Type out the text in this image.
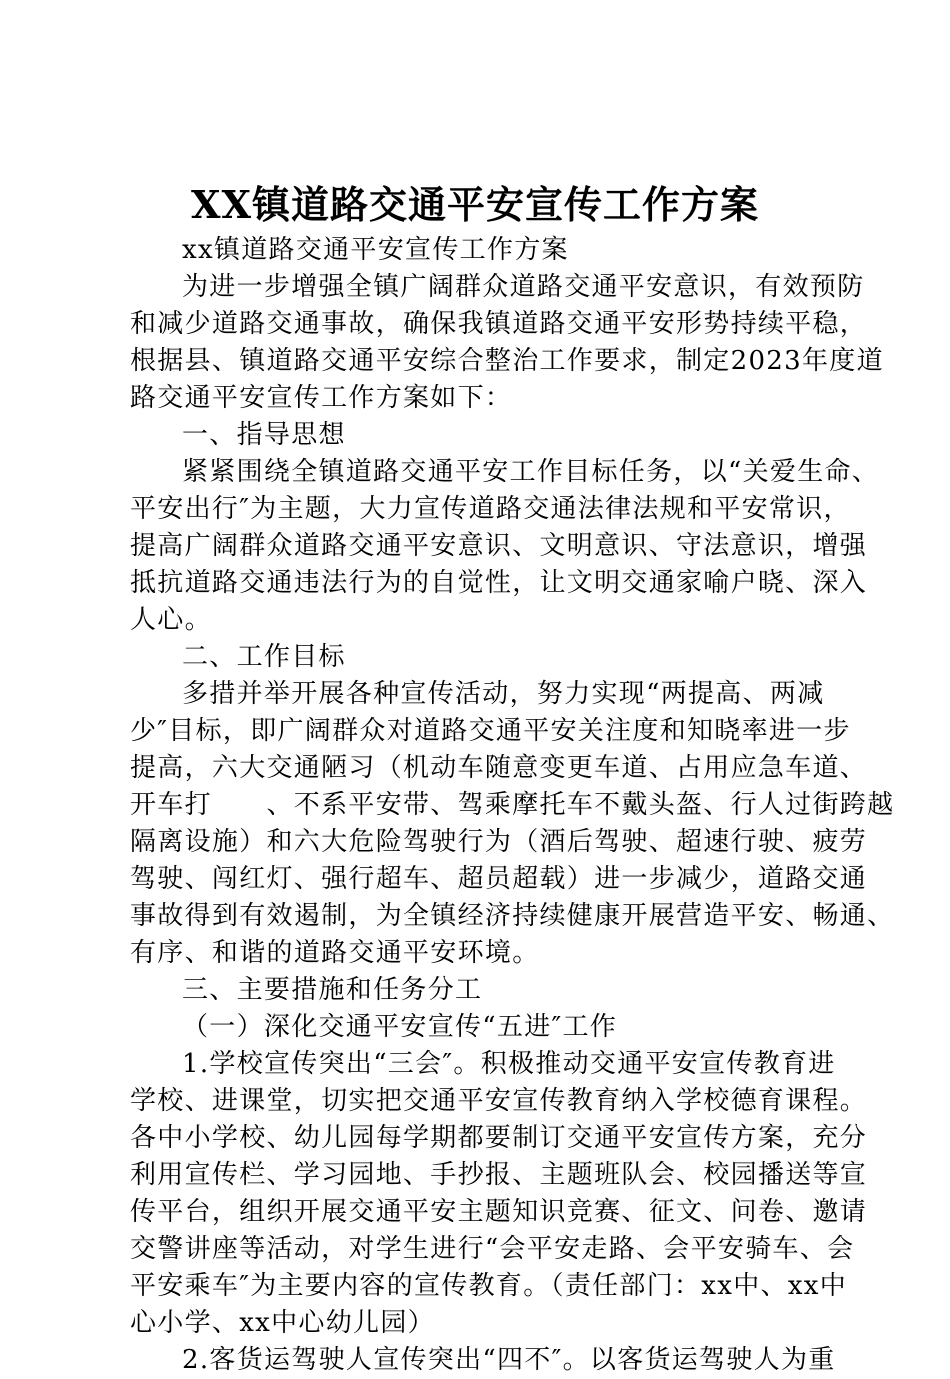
XX镇道路交通平安宣传工作方案
xx镇道路交通平安宣传工作方案
为进一步增强全镇广阔群众道路交通平安意识，有效预防
和减少道路交通事故，确保我镇道路交通平安形势持续平稳，
根据县、镇道路交通平安综合整治工作要求，制定2023年度道
路交通平安宣传工作方案如下：
一、指导思想
紧紧围绕全镇道路交通平安工作目标任务，以“关爱生命、
平安出行″为主题，大力宣传道路交通法律法规和平安常识，
提高广阔群众道路交通平安意识、文明意识、守法意识，增强
抵抗道路交通违法行为的自觉性，让文明交通家喻户晓、深入
人心。
二、工作目标
多措并举开展各种宣传活动，努力实现“两提高、两减
少″目标，即广阔群众对道路交通平安关注度和知晓率进一步
提高，六大交通陋习（机动车随意变更车道、占用应急车道、
开车打　　、不系平安带、驾乘摩托车不戴头盔、行人过街跨越
隔离设施）和六大危险驾驶行为（酒后驾驶、超速行驶、疲劳
驾驶、闯红灯、强行超车、超员超载）进一步减少，道路交通
事故得到有效遏制，为全镇经济持续健康开展营造平安、畅通、
有序、和谐的道路交通平安环境。
三、主要措施和任务分工
（一）深化交通平安宣传“五进″工作
1.学校宣传突出“三会″。积极推动交通平安宣传教育进
学校、进课堂，切实把交通平安宣传教育纳入学校德育课程。
各中小学校、幼儿园每学期都要制订交通平安宣传方案，充分
利用宣传栏、学习园地、手抄报、主题班队会、校园播送等宣
传平台，组织开展交通平安主题知识竞赛、征文、问卷、邀请
交警讲座等活动，对学生进行“会平安走路、会平安骑车、会
平安乘车″为主要内容的宣传教育。（责任部门：xx中、xx中
心小学、xx中心幼儿园）
2.客货运驾驶人宣传突出“四不″。以客货运驾驶人为重
